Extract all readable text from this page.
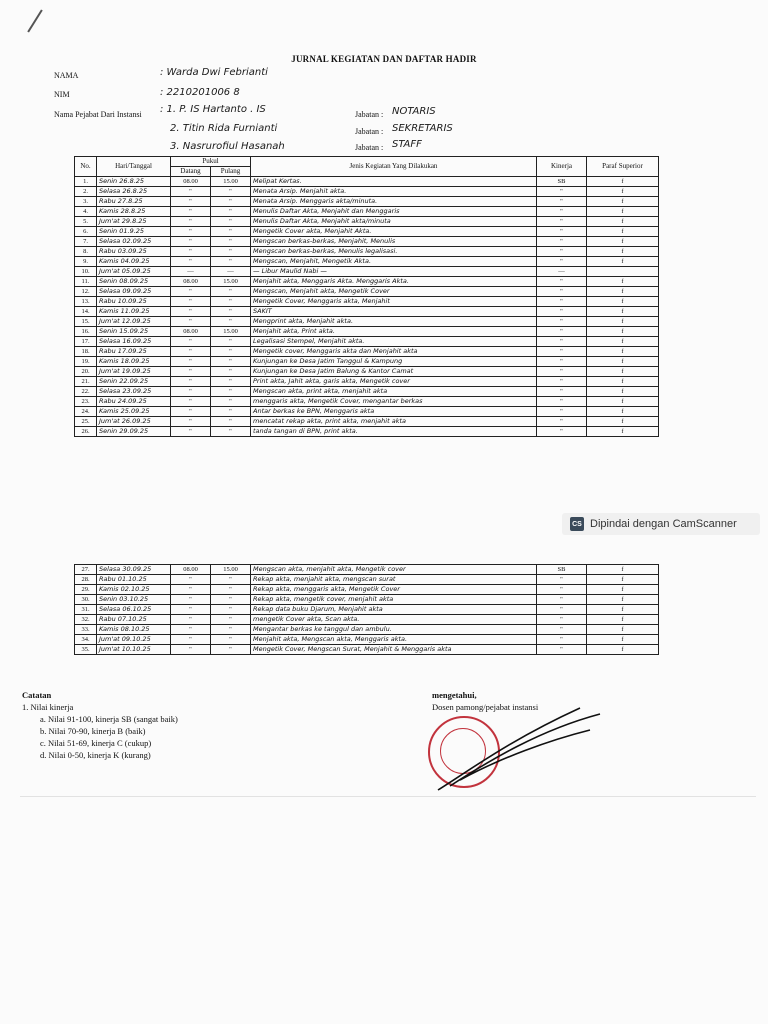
JURNAL KEGIATAN DAN DAFTAR HADIR
NAMA	: Warda Dwi Febrianti
NIM	: 2210201006 8
Nama Pejabat Dari Instansi : 1. P. IS Hartanto . IS	Jabatan : NOTARIS
2. Titin Rida Furnianti	Jabatan : SEKRETARIS
3. Nasrurofiul Hasanah	Jabatan : STAFF
No.	Hari/Tanggal	Pukul		Jenis Kegiatan Yang Dilakukan	Kinerja	Paraf Superior
		Datang	Pulang			
1.	Senin 26.8.25	08.00	15.00	Melipat Kertas.	SB	f
2.	Selasa 26.8.25	"	"	Menata Arsip. Menjahit akta.	"	f
3.	Rabu 27.8.25	"	"	Menata Arsip. Menggaris akta/minuta.	"	f
4.	Kamis 28.8.25	"	"	Menulis Daftar Akta, Menjahit dan Menggaris	"	f
5.	Jum'at 29.8.25	"	"	Menulis Daftar Akta, Menjahit akta/minuta	"	f
6.	Senin 01.9.25	"	"	Mengetik Cover akta, Menjahit Akta.	"	f
7.	Selasa 02.09.25	"	"	Mengscan berkas-berkas, Menjahit, Menulis	"	f
8.	Rabu 03.09.25	"	"	Mengscan berkas-berkas, Menulis legalisasi.	"	f
9.	Kamis 04.09.25	"	"	Mengscan, Menjahit, Mengetik Akta.	"	f
10.	Jum'at 05.09.25	—	—	— Libur Maulid Nabi —	—	
11.	Senin 08.09.25	08.00	15.00	Menjahit akta, Menggaris Akta. Menggaris Akta.	"	f
12.	Selasa 09.09.25	"	"	Mengscan, Menjahit akta, Mengetik Cover	"	f
13.	Rabu 10.09.25	"	"	Mengetik Cover, Menggaris akta, Menjahit	"	f
14.	Kamis 11.09.25	"	"	SAKIT	"	f
15.	Jum'at 12.09.25	"	"	Mengprint akta, Menjahit akta.	"	f
16.	Senin 15.09.25	08.00	15.00	Menjahit akta, Print akta.	"	f
17.	Selasa 16.09.25	"	"	Legalisasi Stempel, Menjahit akta.	"	f
18.	Rabu 17.09.25	"	"	Mengetik cover, Menggaris akta dan Menjahit akta	"	f
19.	Kamis 18.09.25	"	"	Kunjungan ke Desa Jatim Tanggul & Kampung	"	f
20.	Jum'at 19.09.25	"	"	Kunjungan ke Desa Jatim Balung & Kantor Camat	"	f
21.	Senin 22.09.25	"	"	Print akta, Jahit akta, garis akta, Mengetik cover	"	f
22.	Selasa 23.09.25	"	"	Mengscan akta, print akta, menjahit akta	"	f
23.	Rabu 24.09.25	"	"	menggaris akta, Mengetik Cover, mengantar berkas	"	f
24.	Kamis 25.09.25	"	"	Antar berkas ke BPN, Menggaris akta	"	f
25.	Jum'at 26.09.25	"	"	mencatat rekap akta, print akta, menjahit akta	"	f
26.	Senin 29.09.25	"	"	tanda tangan di BPN, print akta.	"	f
CS Dipindai dengan CamScanner
27.	Selasa 30.09.25	08.00	15.00	Mengscan akta, menjahit akta, Mengetik cover	SB	f
28.	Rabu 01.10.25	"	"	Rekap akta, menjahit akta, mengscan surat	"	f
29.	Kamis 02.10.25	"	"	Rekap akta, menggaris akta, Mengetik Cover	"	f
30.	Senin 03.10.25	"	"	Rekap akta, mengetik cover, menjahit akta	"	f
31.	Selasa 06.10.25	"	"	Rekap data buku Djarum, Menjahit akta	"	f
32.	Rabu 07.10.25	"	"	mengetik Cover akta, Scan akta.	"	f
33.	Kamis 08.10.25	"	"	Mengantar berkas ke tanggul dan ambulu.	"	f
34.	Jum'at 09.10.25	"	"	Menjahit akta, Mengscan akta, Menggaris akta.	"	f
35.	Jum'at 10.10.25	"	"	Mengetik Cover, Mengscan Surat, Menjahit & Menggaris akta	"	f
Catatan
1. Nilai kinerja
a. Nilai 91-100, kinerja SB (sangat baik)
b. Nilai 70-90, kinerja B (baik)
c. Nilai 51-69, kinerja C (cukup)
d. Nilai 0-50, kinerja K (kurang)
mengetahui,
Dosen pamong/pejabat instansi
